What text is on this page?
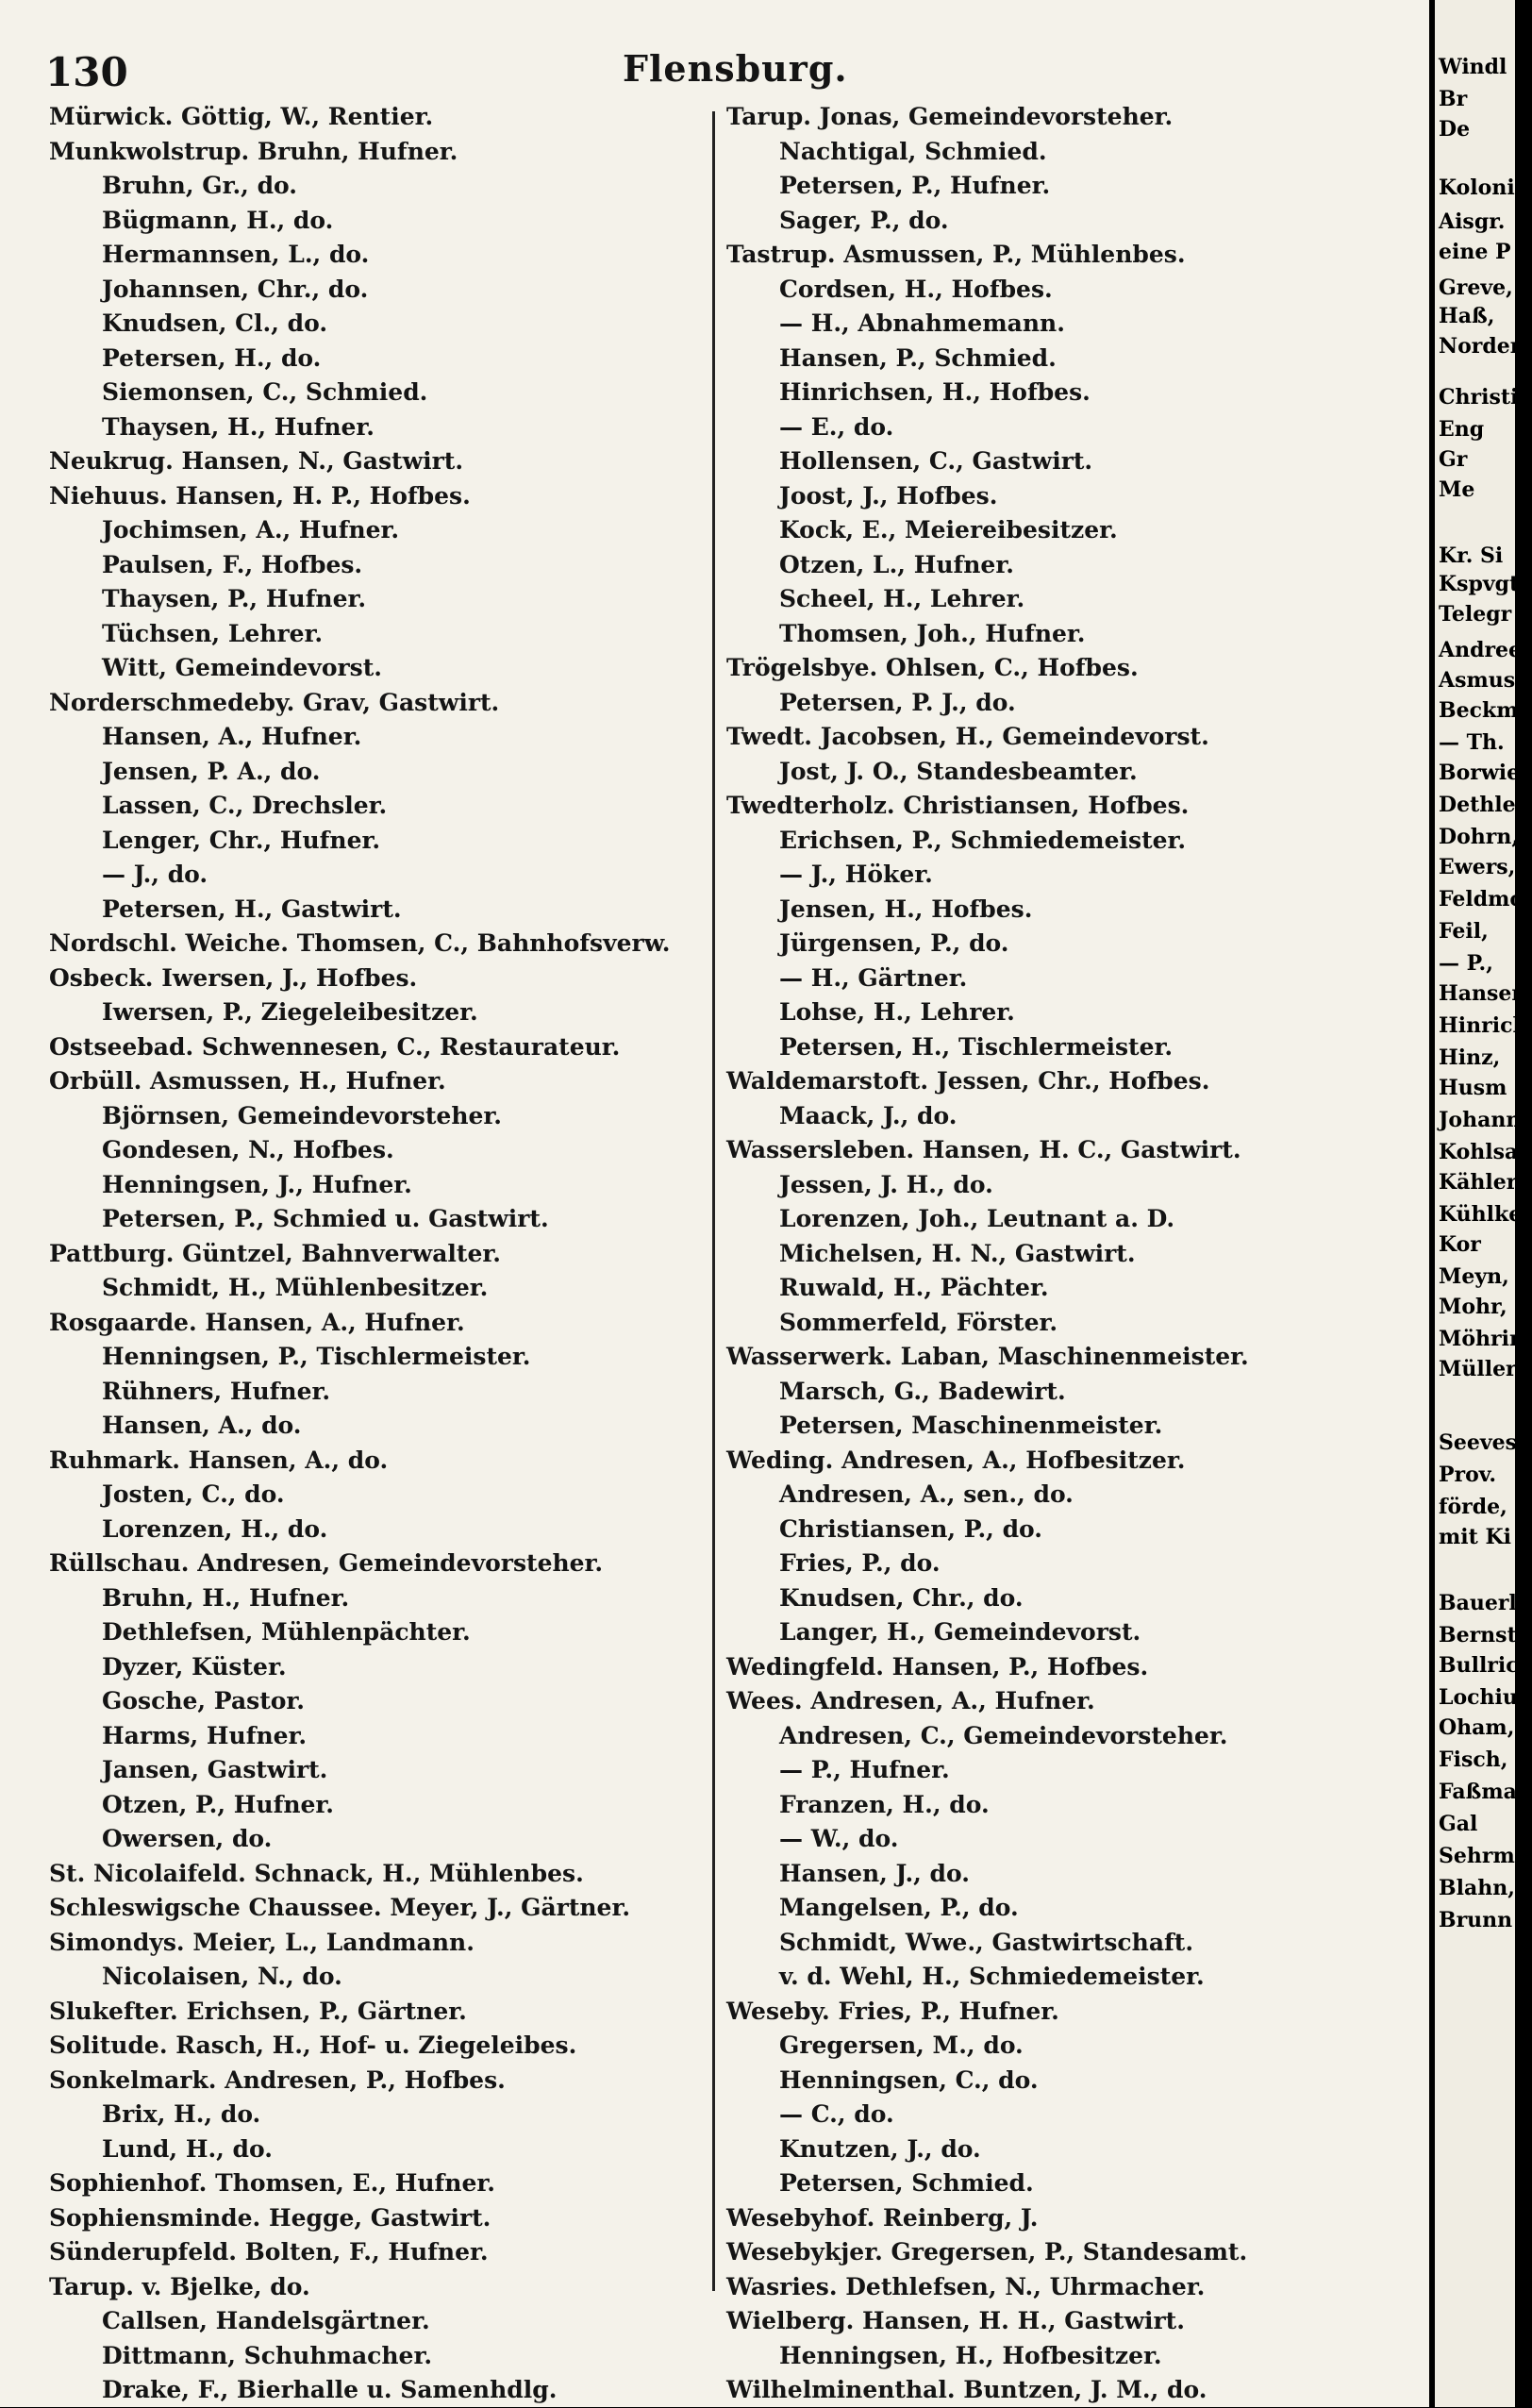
130	Flensburg.
Mürwick. Göttig, W., Rentier.
Munkwolstrup. Bruhn, Hufner.
Bruhn, Gr., do.
Bügmann, H., do.
Hermannsen, L., do.
Johannsen, Chr., do.
Knudsen, Cl., do.
Petersen, H., do.
Siemonsen, C., Schmied.
Thaysen, H., Hufner.
Neukrug. Hansen, N., Gastwirt.
Niehuus. Hansen, H. P., Hofbes.
Jochimsen, A., Hufner.
Paulsen, F., Hofbes.
Thaysen, P., Hufner.
Tüchsen, Lehrer.
Witt, Gemeindevorst.
Norderschmedeby. Grav, Gastwirt.
Hansen, A., Hufner.
Jensen, P. A., do.
Lassen, C., Drechsler.
Lenger, Chr., Hufner.
— J., do.
Petersen, H., Gastwirt.
Nordschl. Weiche. Thomsen, C., Bahnhofsverw.
Osbeck. Iwersen, J., Hofbes.
Iwersen, P., Ziegeleibesitzer.
Ostseebad. Schwennesen, C., Restaurateur.
Orbüll. Asmussen, H., Hufner.
Björnsen, Gemeindevorsteher.
Gondesen, N., Hofbes.
Henningsen, J., Hufner.
Petersen, P., Schmied u. Gastwirt.
Pattburg. Güntzel, Bahnverwalter.
Schmidt, H., Mühlenbesitzer.
Rosgaarde. Hansen, A., Hufner.
Henningsen, P., Tischlermeister.
Rühners, Hufner.
Hansen, A., do.
Ruhmark. Hansen, A., do.
Josten, C., do.
Lorenzen, H., do.
Rüllschau. Andresen, Gemeindevorsteher.
Bruhn, H., Hufner.
Dethlefsen, Mühlenpächter.
Dyzer, Küster.
Gosche, Pastor.
Harms, Hufner.
Jansen, Gastwirt.
Otzen, P., Hufner.
Owersen, do.
St. Nicolaifeld. Schnack, H., Mühlenbes.
Schleswigsche Chaussee. Meyer, J., Gärtner.
Simondys. Meier, L., Landmann.
Nicolaisen, N., do.
Slukefter. Erichsen, P., Gärtner.
Solitude. Rasch, H., Hof- u. Ziegeleibes.
Sonkelmark. Andresen, P., Hofbes.
Brix, H., do.
Lund, H., do.
Sophienhof. Thomsen, E., Hufner.
Sophiensminde. Hegge, Gastwirt.
Sünderupfeld. Bolten, F., Hufner.
Tarup. v. Bjelke, do.
Callsen, Handelsgärtner.
Dittmann, Schuhmacher.
Drake, F., Bierhalle u. Samenhdlg.
Tarup. Jonas, Gemeindevorsteher.
Nachtigal, Schmied.
Petersen, P., Hufner.
Sager, P., do.
Tastrup. Asmussen, P., Mühlenbes.
Cordsen, H., Hofbes.
— H., Abnahmemann.
Hansen, P., Schmied.
Hinrichsen, H., Hofbes.
— E., do.
Hollensen, C., Gastwirt.
Joost, J., Hofbes.
Kock, E., Meiereibesitzer.
Otzen, L., Hufner.
Scheel, H., Lehrer.
Thomsen, Joh., Hufner.
Trögelsbye. Ohlsen, C., Hofbes.
Petersen, P. J., do.
Twedt. Jacobsen, H., Gemeindevorst.
Jost, J. O., Standesbeamter.
Twedterholz. Christiansen, Hofbes.
Erichsen, P., Schmiedemeister.
— J., Höker.
Jensen, H., Hofbes.
Jürgensen, P., do.
— H., Gärtner.
Lohse, H., Lehrer.
Petersen, H., Tischlermeister.
Waldemarstoft. Jessen, Chr., Hofbes.
Maack, J., do.
Wassersleben. Hansen, H. C., Gastwirt.
Jessen, J. H., do.
Lorenzen, Joh., Leutnant a. D.
Michelsen, H. N., Gastwirt.
Ruwald, H., Pächter.
Sommerfeld, Förster.
Wasserwerk. Laban, Maschinenmeister.
Marsch, G., Badewirt.
Petersen, Maschinenmeister.
Weding. Andresen, A., Hofbesitzer.
Andresen, A., sen., do.
Christiansen, P., do.
Fries, P., do.
Knudsen, Chr., do.
Langer, H., Gemeindevorst.
Wedingfeld. Hansen, P., Hofbes.
Wees. Andresen, A., Hufner.
Andresen, C., Gemeindevorsteher.
— P., Hufner.
Franzen, H., do.
— W., do.
Hansen, J., do.
Mangelsen, P., do.
Schmidt, Wwe., Gastwirtschaft.
v. d. Wehl, H., Schmiedemeister.
Weseby. Fries, P., Hufner.
Gregersen, M., do.
Henningsen, C., do.
— C., do.
Knutzen, J., do.
Petersen, Schmied.
Wesebyhof. Reinberg, J.
Wesebykjer. Gregersen, P., Standesamt.
Wasries. Dethlefsen, N., Uhrmacher.
Wielberg. Hansen, H. H., Gastwirt.
Henningsen, H., Hofbesitzer.
Wilhelminenthal. Buntzen, J. M., do.
Windl
Br
De
Koloni
Aisgr.
eine P
Greve,
Haß,
Norden
Christi
Eng
Gr
Me
Kr. Si
Kspvgt.
Telegr
Andree
Asmus
Beckma
— Th.
Borwie
Dethles
Dohrn,
Ewers,
Feldmo
Feil,
— P.,
Hansen
Hinrich
Hinz,
Husm
Johann
Kohlsa
Kähler,
Kühlke
Kor
Meyn,
Mohr,
Möhrin
Müller
Seevest
Prov.
förde,
mit Ki
Bauerl
Bernst
Bullric
Lochius
Oham,
Fisch,
Faßma
Gal
Sehrm
Blahn,
Brunn
